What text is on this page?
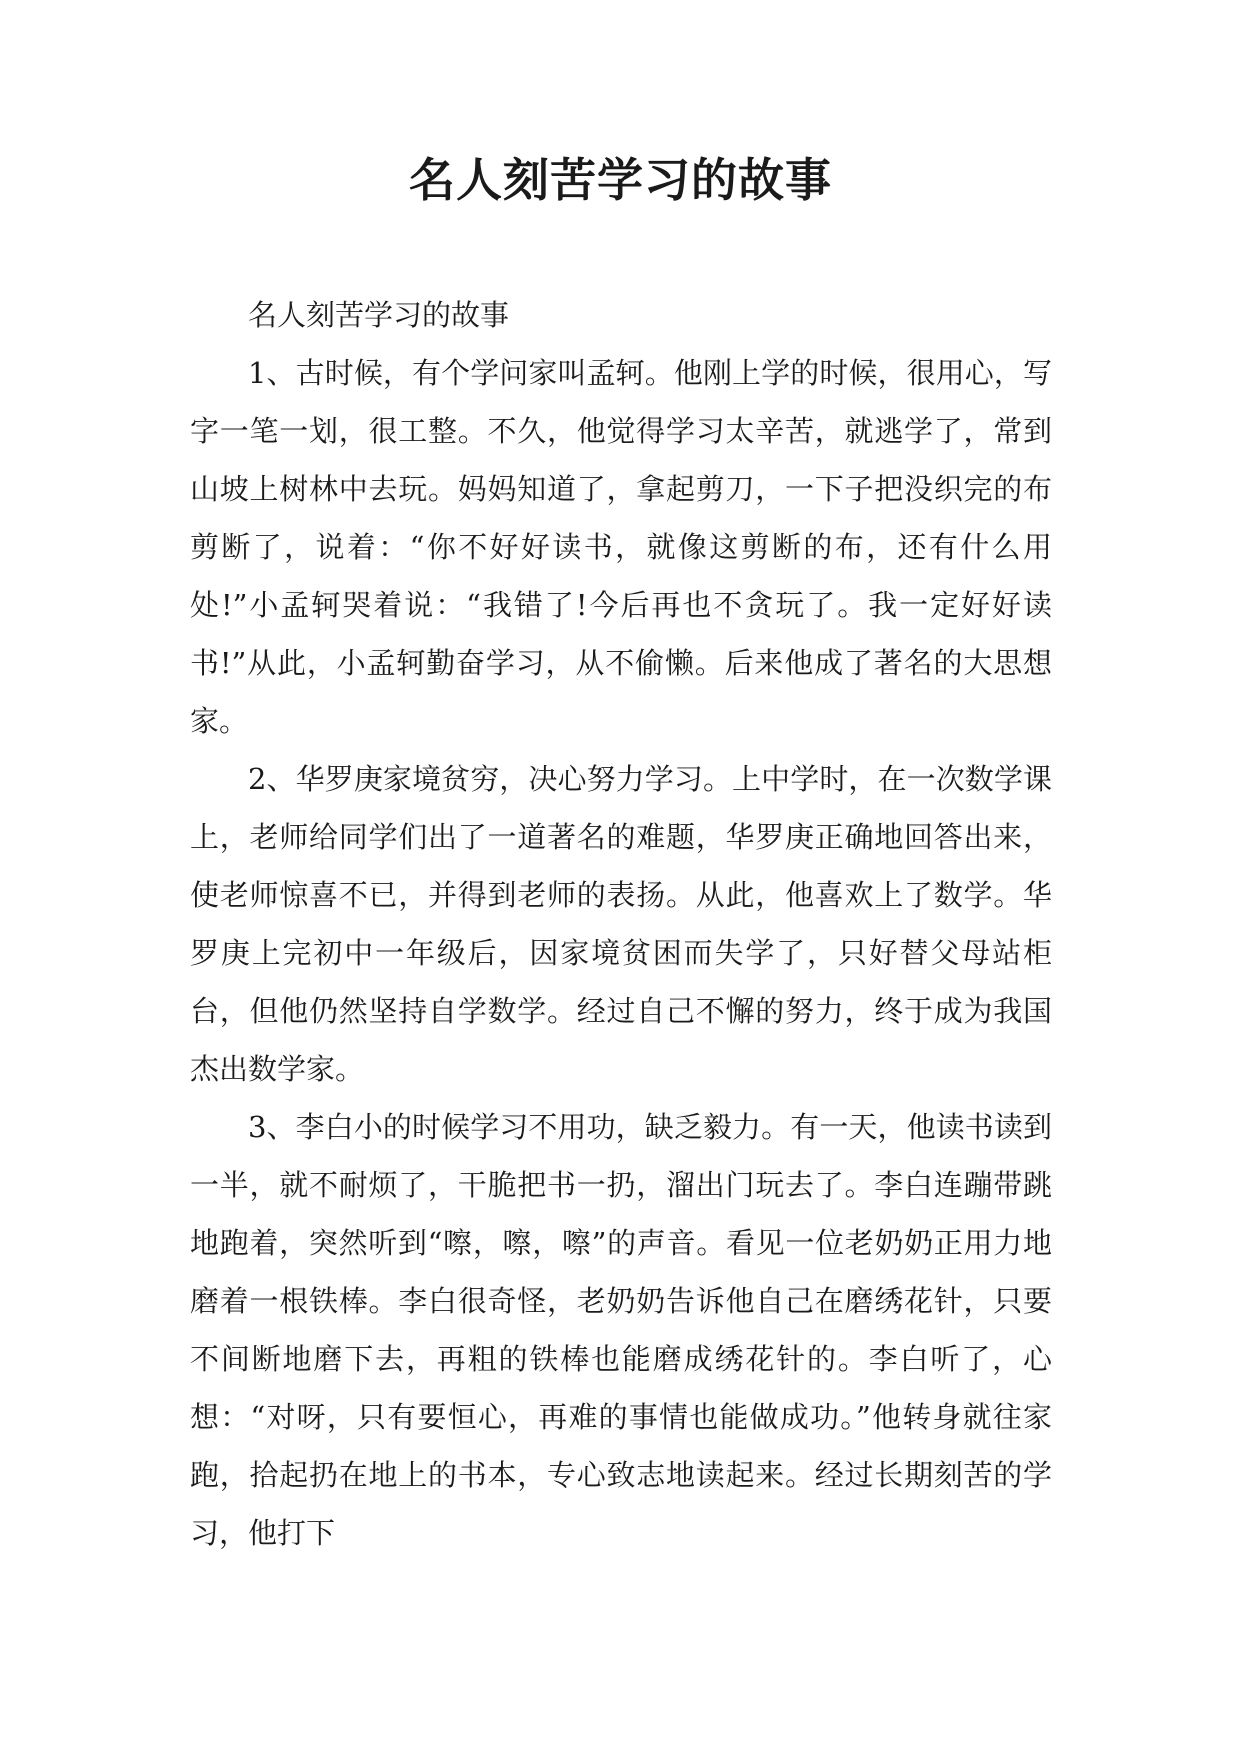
名人刻苦学习的故事

名人刻苦学习的故事

1、古时候，有个学问家叫孟轲。他刚上学的时候，很用心，写字一笔一划，很工整。不久，他觉得学习太辛苦，就逃学了，常到山坡上树林中去玩。妈妈知道了，拿起剪刀，一下子把没织完的布剪断了，说着：“你不好好读书，就像这剪断的布，还有什么用处!”小孟轲哭着说：“我错了!今后再也不贪玩了。我一定好好读书!”从此，小孟轲勤奋学习，从不偷懒。后来他成了著名的大思想家。

2、华罗庚家境贫穷，决心努力学习。上中学时，在一次数学课上，老师给同学们出了一道著名的难题，华罗庚正确地回答出来，使老师惊喜不已，并得到老师的表扬。从此，他喜欢上了数学。华罗庚上完初中一年级后，因家境贫困而失学了，只好替父母站柜台，但他仍然坚持自学数学。经过自己不懈的努力，终于成为我国杰出数学家。

3、李白小的时候学习不用功，缺乏毅力。有一天，他读书读到一半，就不耐烦了，干脆把书一扔，溜出门玩去了。李白连蹦带跳地跑着，突然听到“嚓，嚓，嚓”的声音。看见一位老奶奶正用力地磨着一根铁棒。李白很奇怪，老奶奶告诉他自己在磨绣花针，只要不间断地磨下去，再粗的铁棒也能磨成绣花针的。李白听了，心想：“对呀，只有要恒心，再难的事情也能做成功。”他转身就往家跑，拾起扔在地上的书本，专心致志地读起来。经过长期刻苦的学习，他打下
